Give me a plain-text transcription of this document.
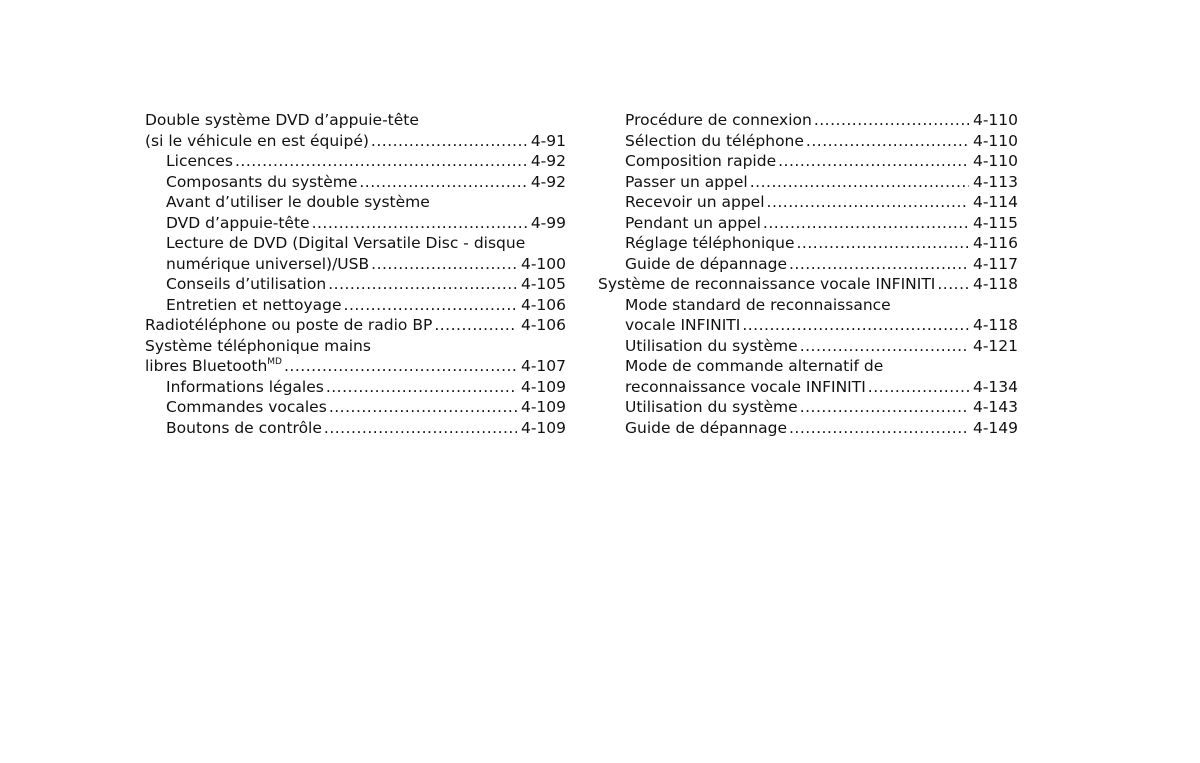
Double système DVD d’appuie-tête
(si le véhicule en est équipé) .....	4-91
Licences .....	4-92
Composants du système .....	4-92
Avant d’utiliser le double système
DVD d’appuie-tête .....	4-99
Lecture de DVD (Digital Versatile Disc - disque
numérique universel)/USB .....	4-100
Conseils d’utilisation .....	4-105
Entretien et nettoyage .....	4-106
Radiotéléphone ou poste de radio BP .....	4-106
Système téléphonique mains
libres Bluetooth$^{MD}$ .....	4-107
Informations légales .....	4-109
Commandes vocales .....	4-109
Boutons de contrôle .....	4-109
Procédure de connexion .....	4-110
Sélection du téléphone .....	4-110
Composition rapide .....	4-110
Passer un appel .....	4-113
Recevoir un appel .....	4-114
Pendant un appel .....	4-115
Réglage téléphonique .....	4-116
Guide de dépannage .....	4-117
Système de reconnaissance vocale INFINITI ..... 4-118
Mode standard de reconnaissance
vocale INFINITI .....	4-118
Utilisation du système .....	4-121
Mode de commande alternatif de
reconnaissance vocale INFINITI .....	4-134
Utilisation du système .....	4-143
Guide de dépannage .....	4-149
